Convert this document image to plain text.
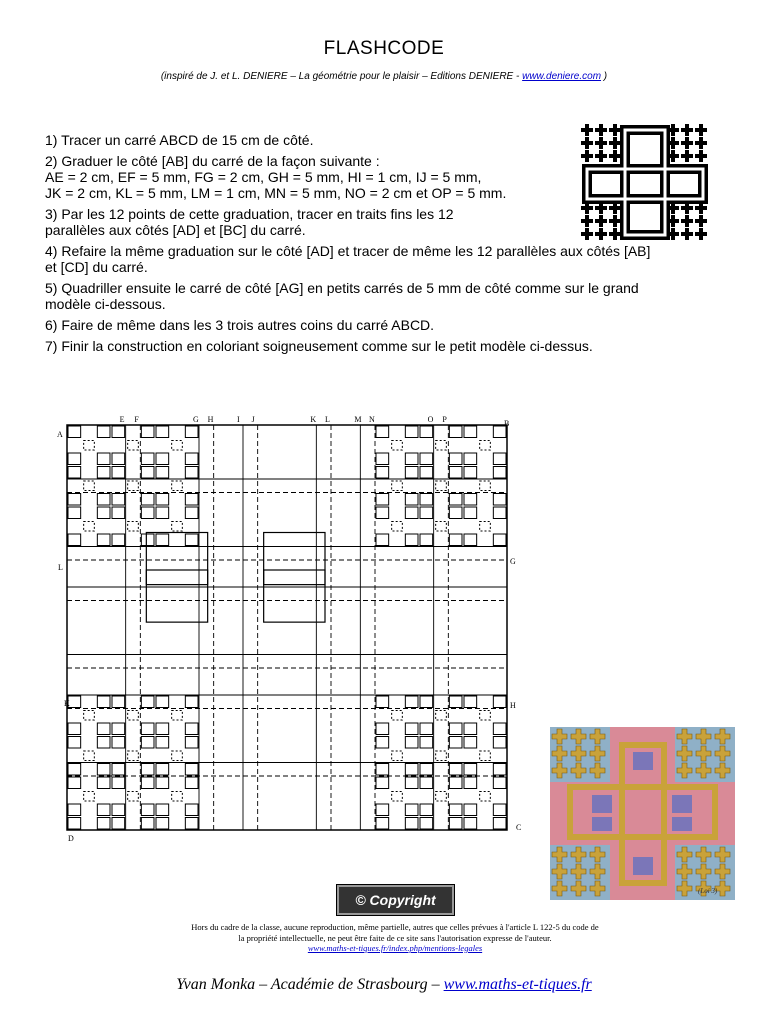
FLASHCODE
(inspiré de J. et L. DENIERE – La géométrie pour le plaisir – Editions DENIERE - www.deniere.com )

1) Tracer un carré ABCD de 15 cm de côté.

2) Graduer le côté [AB] du carré de la façon suivante :
AE = 2 cm, EF = 5 mm, FG = 2 cm, GH = 5 mm, HI = 1 cm, IJ = 5 mm,
JK = 2 cm, KL = 5 mm, LM = 1 cm, MN = 5 mm, NO = 2 cm et OP = 5 mm.

3) Par les 12 points de cette graduation, tracer en traits fins les 12
parallèles aux côtés [AD] et [BC] du carré.

4) Refaire la même graduation sur le côté [AD] et tracer de même les 12 parallèles aux côtés [AB]
et [CD] du carré.

5) Quadriller ensuite le carré de côté [AG] en petits carrés de 5 mm de côté comme sur le grand
modèle ci-dessous.

6) Faire de même dans les 3 trois autres coins du carré ABCD.

7) Finir la construction en coloriant soigneusement comme sur le petit modèle ci-dessus.

A
B
C
D
L
K
G
H
E F	G H	I J	K L	M N	O P
(Loi 3)
© Copyright
Hors du cadre de la classe, aucune reproduction, même partielle, autres que celles prévues à l'article L 122-5 du code de
la propriété intellectuelle, ne peut être faite de ce site sans l'autorisation expresse de l'auteur.
www.maths-et-tiques.fr/index.php/mentions-legales
Yvan Monka – Académie de Strasbourg – www.maths-et-tiques.fr
